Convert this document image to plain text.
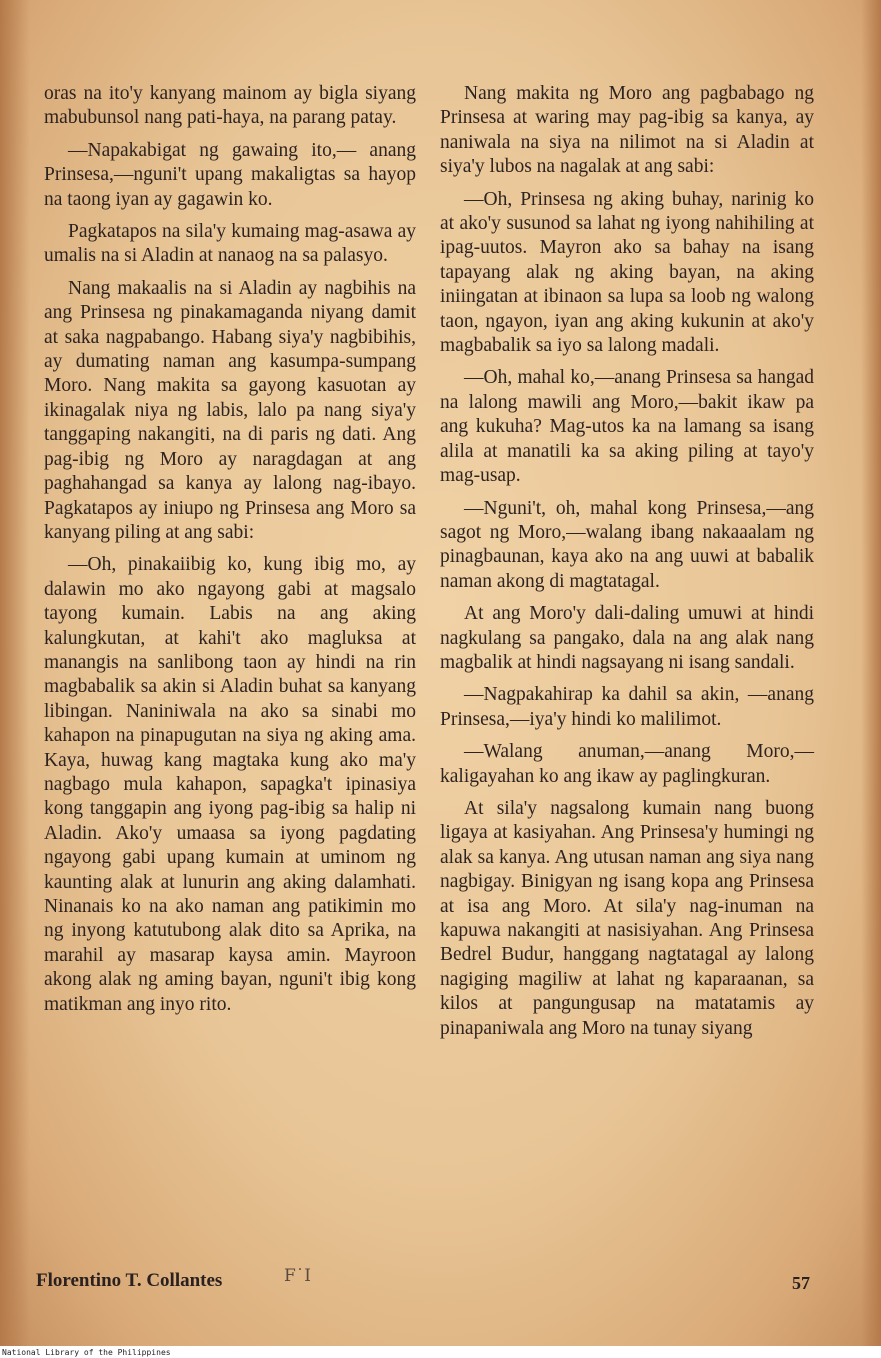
oras na ito'y kanyang mainom ay bigla siyang mabubunsol nang pati-haya, na parang patay.

—Napakabigat ng gawaing ito,— anang Prinsesa,—nguni't upang makaligtas sa hayop na taong iyan ay gagawin ko.

Pagkatapos na sila'y kumaing mag-asawa ay umalis na si Aladin at nanaog na sa palasyo.

Nang makaalis na si Aladin ay nagbihis na ang Prinsesa ng pinakamaganda niyang damit at saka nagpabango. Habang siya'y nagbibihis, ay dumating naman ang kasumpa-sumpang Moro. Nang makita sa gayong kasuotan ay ikinagalak niya ng labis, lalo pa nang siya'y tanggaping nakangiti, na di paris ng dati. Ang pag-ibig ng Moro ay naragdagan at ang paghahangad sa kanya ay lalong nag-ibayo. Pagkatapos ay iniupo ng Prinsesa ang Moro sa kanyang piling at ang sabi:

—Oh, pinakaiibig ko, kung ibig mo, ay dalawin mo ako ngayong gabi at magsalo tayong kumain. Labis na ang aking kalungkutan, at kahi't ako magluksa at manangis na sanlibong taon ay hindi na rin magbabalik sa akin si Aladin buhat sa kanyang libingan. Naniniwala na ako sa sinabi mo kahapon na pinapugutan na siya ng aking ama. Kaya, huwag kang magtaka kung ako ma'y nagbago mula kahapon, sapagka't ipinasiya kong tanggapin ang iyong pag-ibig sa halip ni Aladin. Ako'y umaasa sa iyong pagdating ngayong gabi upang kumain at uminom ng kaunting alak at lunurin ang aking dalamhati. Ninanais ko na ako naman ang patikimin mo ng inyong katutubong alak dito sa Aprika, na marahil ay masarap kaysa amin. Mayroon akong alak ng aming bayan, nguni't ibig kong matikman ang inyo rito.

Nang makita ng Moro ang pagbabago ng Prinsesa at waring may pag-ibig sa kanya, ay naniwala na siya na nilimot na si Aladin at siya'y lubos na nagalak at ang sabi:

—Oh, Prinsesa ng aking buhay, narinig ko at ako'y susunod sa lahat ng iyong nahihiling at ipag-uutos. Mayron ako sa bahay na isang tapayang alak ng aking bayan, na aking iniingatan at ibinaon sa lupa sa loob ng walong taon, ngayon, iyan ang aking kukunin at ako'y magbabalik sa iyo sa lalong madali.

—Oh, mahal ko,—anang Prinsesa sa hangad na lalong mawili ang Moro,—bakit ikaw pa ang kukuha? Mag-utos ka na lamang sa isang alila at manatili ka sa aking piling at tayo'y mag-usap.

—Nguni't, oh, mahal kong Prinsesa,—ang sagot ng Moro,—walang ibang nakaaalam ng pinagbaunan, kaya ako na ang uuwi at babalik naman akong di magtatagal.

At ang Moro'y dali-daling umuwi at hindi nagkulang sa pangako, dala na ang alak nang magbalik at hindi nagsayang ni isang sandali.

—Nagpakahirap ka dahil sa akin, —anang Prinsesa,—iya'y hindi ko malilimot.

—Walang anuman,—anang Moro,—kaligayahan ko ang ikaw ay paglingkuran.

At sila'y nagsalong kumain nang buong ligaya at kasiyahan. Ang Prinsesa'y humingi ng alak sa kanya. Ang utusan naman ang siya nang nagbigay. Binigyan ng isang kopa ang Prinsesa at isa ang Moro. At sila'y nag-inuman na kapuwa nakangiti at nasisiyahan. Ang Prinsesa Bedrel Budur, hanggang nagtatagal ay lalong nagiging magiliw at lahat ng kaparaanan, sa kilos at pangungusap na matatamis ay pinapaniwala ang Moro na tunay siyang

Florentino T. Collantes	F˙I	57
National Library of the Philippines
